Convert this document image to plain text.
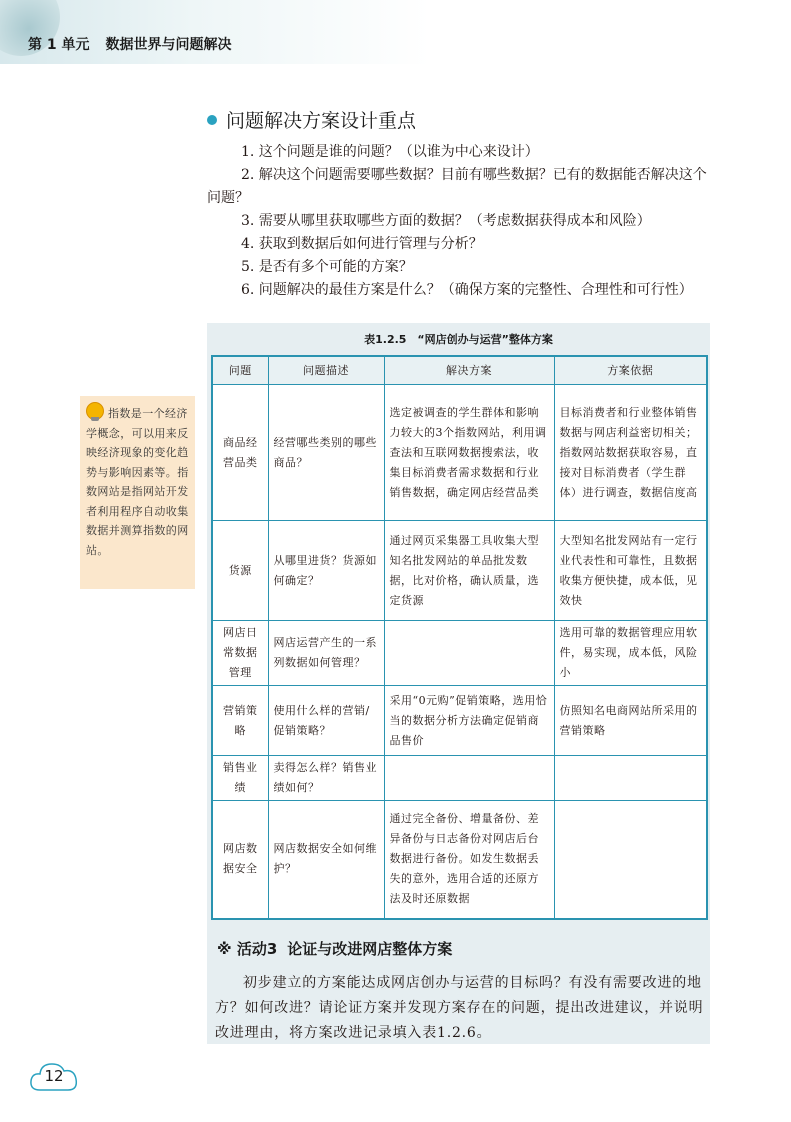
第 1 单元 数据世界与问题解决
问题解决方案设计重点

1. 这个问题是谁的问题？（以谁为中心来设计）

2. 解决这个问题需要哪些数据？目前有哪些数据？已有的数据能否解决这个问题？

3. 需要从哪里获取哪些方面的数据？（考虑数据获得成本和风险）

4. 获取到数据后如何进行管理与分析？

5. 是否有多个可能的方案？

6. 问题解决的最佳方案是什么？（确保方案的完整性、合理性和可行性）

指数是一个经济学概念，可以用来反映经济现象的变化趋势与影响因素等。指数网站是指网站开发者利用程序自动收集数据并测算指数的网站。
表1.2.5　“网店创办与运营”整体方案
问题	问题描述	解决方案	方案依据
商品经营品类	经营哪些类别的哪些商品？	选定被调查的学生群体和影响力较大的3个指数网站，利用调查法和互联网数据搜索法，收集目标消费者需求数据和行业销售数据，确定网店经营品类	目标消费者和行业整体销售数据与网店利益密切相关；指数网站数据获取容易，直接对目标消费者（学生群体）进行调查，数据信度高
货源	从哪里进货？货源如何确定？	通过网页采集器工具收集大型知名批发网站的单品批发数据，比对价格，确认质量，选定货源	大型知名批发网站有一定行业代表性和可靠性，且数据收集方便快捷，成本低，见效快
网店日常数据管理	网店运营产生的一系列数据如何管理？		选用可靠的数据管理应用软件，易实现，成本低，风险小
营销策略	使用什么样的营销/促销策略？	采用“0元购”促销策略，选用恰当的数据分析方法确定促销商品售价	仿照知名电商网站所采用的营销策略
销售业绩	卖得怎么样？销售业绩如何？		
网店数据安全	网店数据安全如何维护？	通过完全备份、增量备份、差异备份与日志备份对网店后台数据进行备份。如发生数据丢失的意外，选用合适的还原方法及时还原数据	
※ 活动3 论证与改进网店整体方案

初步建立的方案能达成网店创办与运营的目标吗？有没有需要改进的地方？如何改进？请论证方案并发现方案存在的问题，提出改进建议，并说明改进理由，将方案改进记录填入表1.2.6。

12
